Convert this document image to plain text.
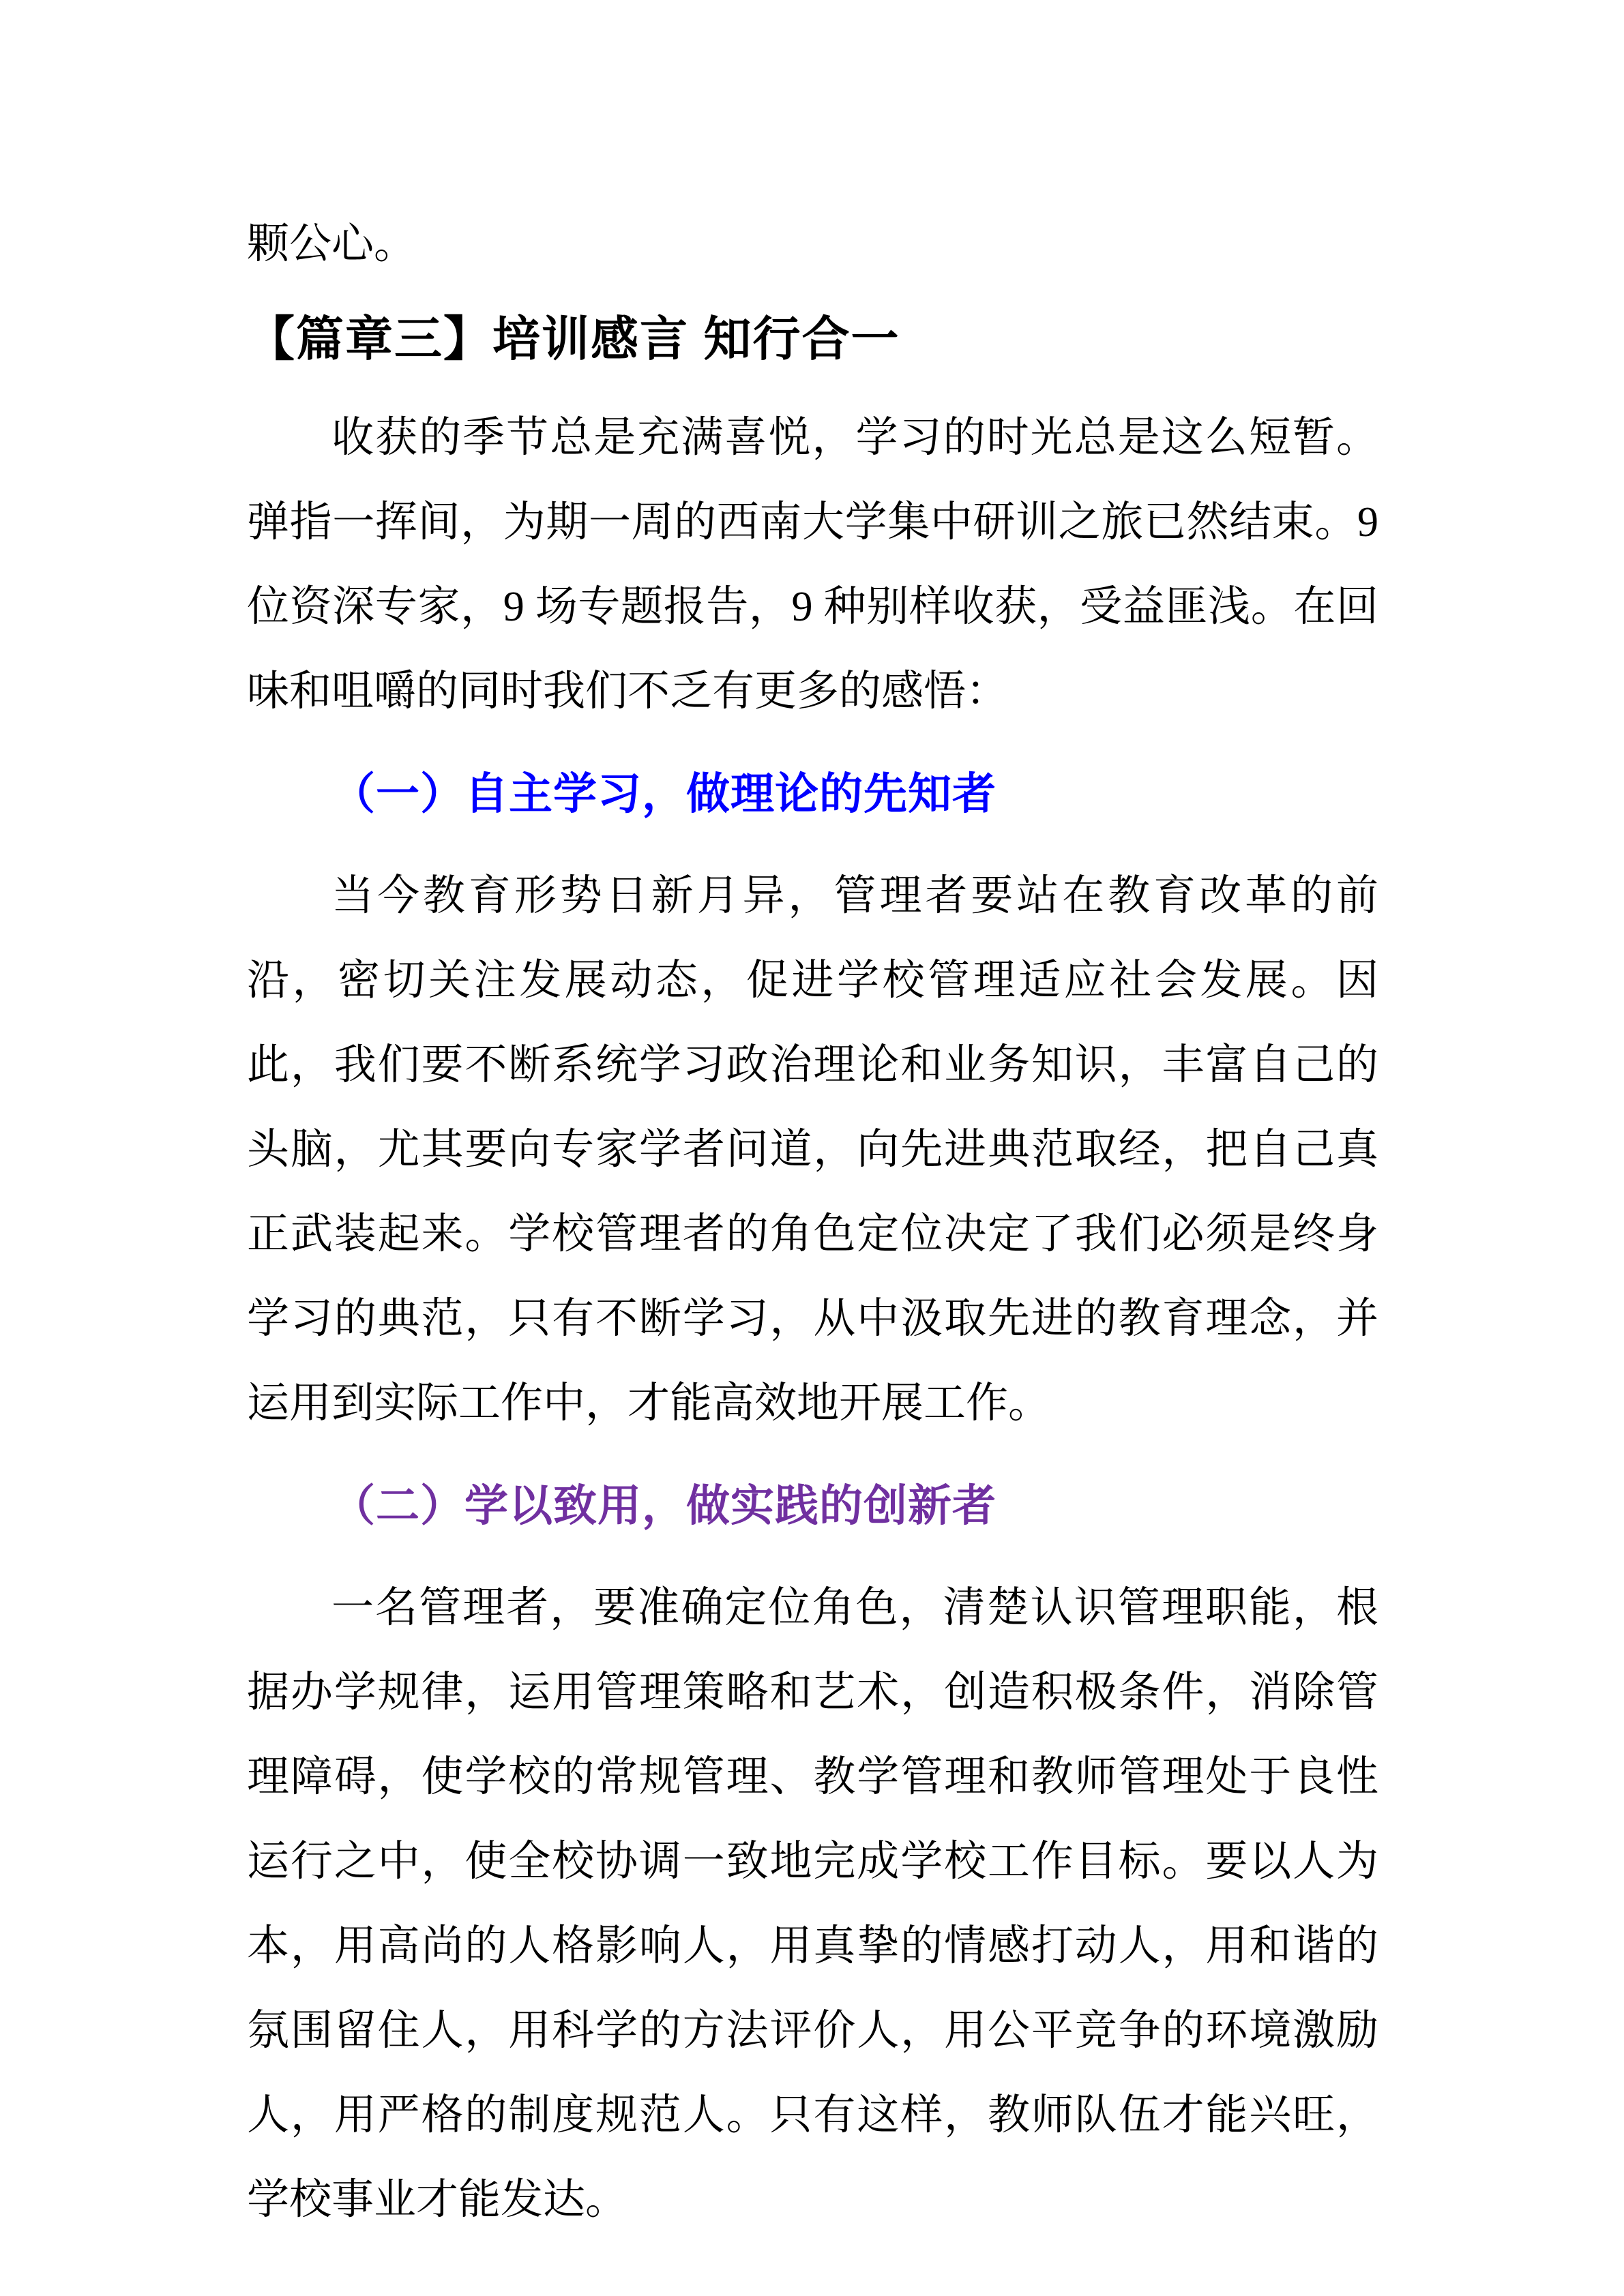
颗公心。

【篇章三】培训感言 知行合一

收获的季节总是充满喜悦，学习的时光总是这么短暂。弹指一挥间，为期一周的西南大学集中研训之旅已然结束。9 位资深专家，9 场专题报告，9 种别样收获，受益匪浅。在回味和咀嚼的同时我们不乏有更多的感悟：

（一）自主学习，做理论的先知者

当今教育形势日新月异，管理者要站在教育改革的前沿，密切关注发展动态，促进学校管理适应社会发展。因此，我们要不断系统学习政治理论和业务知识，丰富自己的头脑，尤其要向专家学者问道，向先进典范取经，把自己真正武装起来。学校管理者的角色定位决定了我们必须是终身学习的典范，只有不断学习，从中汲取先进的教育理念，并运用到实际工作中，才能高效地开展工作。

（二）学以致用，做实践的创新者

一名管理者，要准确定位角色，清楚认识管理职能，根据办学规律，运用管理策略和艺术，创造积极条件，消除管理障碍，使学校的常规管理、教学管理和教师管理处于良性运行之中，使全校协调一致地完成学校工作目标。要以人为本，用高尚的人格影响人，用真挚的情感打动人，用和谐的氛围留住人，用科学的方法评价人，用公平竞争的环境激励人，用严格的制度规范人。只有这样，教师队伍才能兴旺，学校事业才能发达。
